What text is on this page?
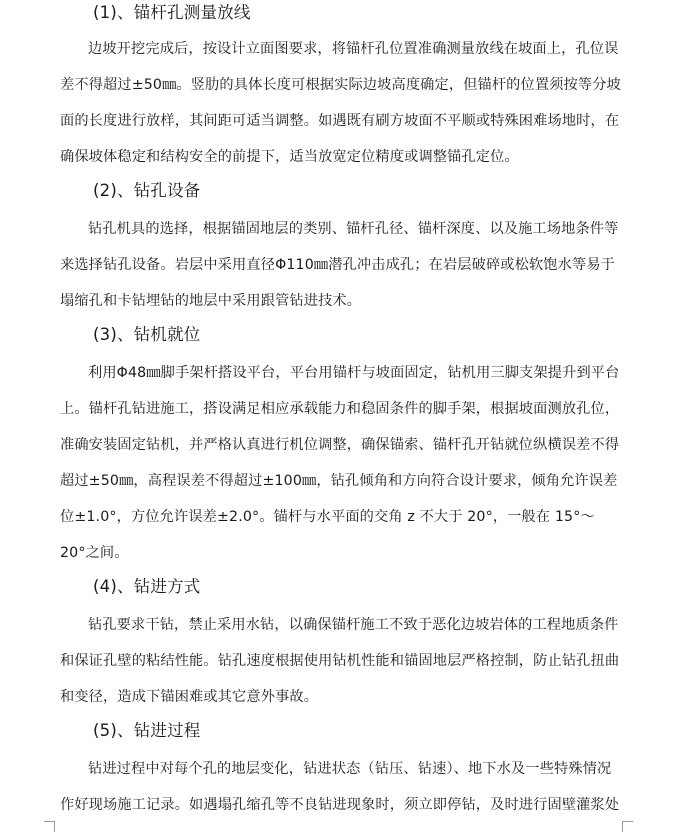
(1)、锚杆孔测量放线
边坡开挖完成后，按设计立面图要求，将锚杆孔位置准确测量放线在坡面上，孔位误
差不得超过±50㎜。竖肋的具体长度可根据实际边坡高度确定，但锚杆的位置须按等分坡
面的长度进行放样，其间距可适当调整。如遇既有刷方坡面不平顺或特殊困难场地时，在
确保坡体稳定和结构安全的前提下，适当放宽定位精度或调整锚孔定位。
(2)、钻孔设备
钻孔机具的选择，根据锚固地层的类别、锚杆孔径、锚杆深度、以及施工场地条件等
来选择钻孔设备。岩层中采用直径Φ110㎜潜孔冲击成孔；在岩层破碎或松软饱水等易于
塌缩孔和卡钻埋钻的地层中采用跟管钻进技术。
(3)、钻机就位
利用Φ48㎜脚手架杆搭设平台，平台用锚杆与坡面固定，钻机用三脚支架提升到平台
上。锚杆孔钻进施工，搭设满足相应承载能力和稳固条件的脚手架，根据坡面测放孔位，
准确安装固定钻机，并严格认真进行机位调整，确保锚索、锚杆孔开钻就位纵横误差不得
超过±50㎜，高程误差不得超过±100㎜，钻孔倾角和方向符合设计要求，倾角允许误差
位±1.0°，方位允许误差±2.0°。锚杆与水平面的交角 z 不大于 20°，一般在 15°～
20°之间。
(4)、钻进方式
钻孔要求干钻，禁止采用水钻，以确保锚杆施工不致于恶化边坡岩体的工程地质条件
和保证孔壁的粘结性能。钻孔速度根据使用钻机性能和锚固地层严格控制，防止钻孔扭曲
和变径，造成下锚困难或其它意外事故。
(5)、钻进过程
钻进过程中对每个孔的地层变化，钻进状态（钻压、钻速）、地下水及一些特殊情况
作好现场施工记录。如遇塌孔缩孔等不良钻进现象时，须立即停钻，及时进行固壁灌浆处
